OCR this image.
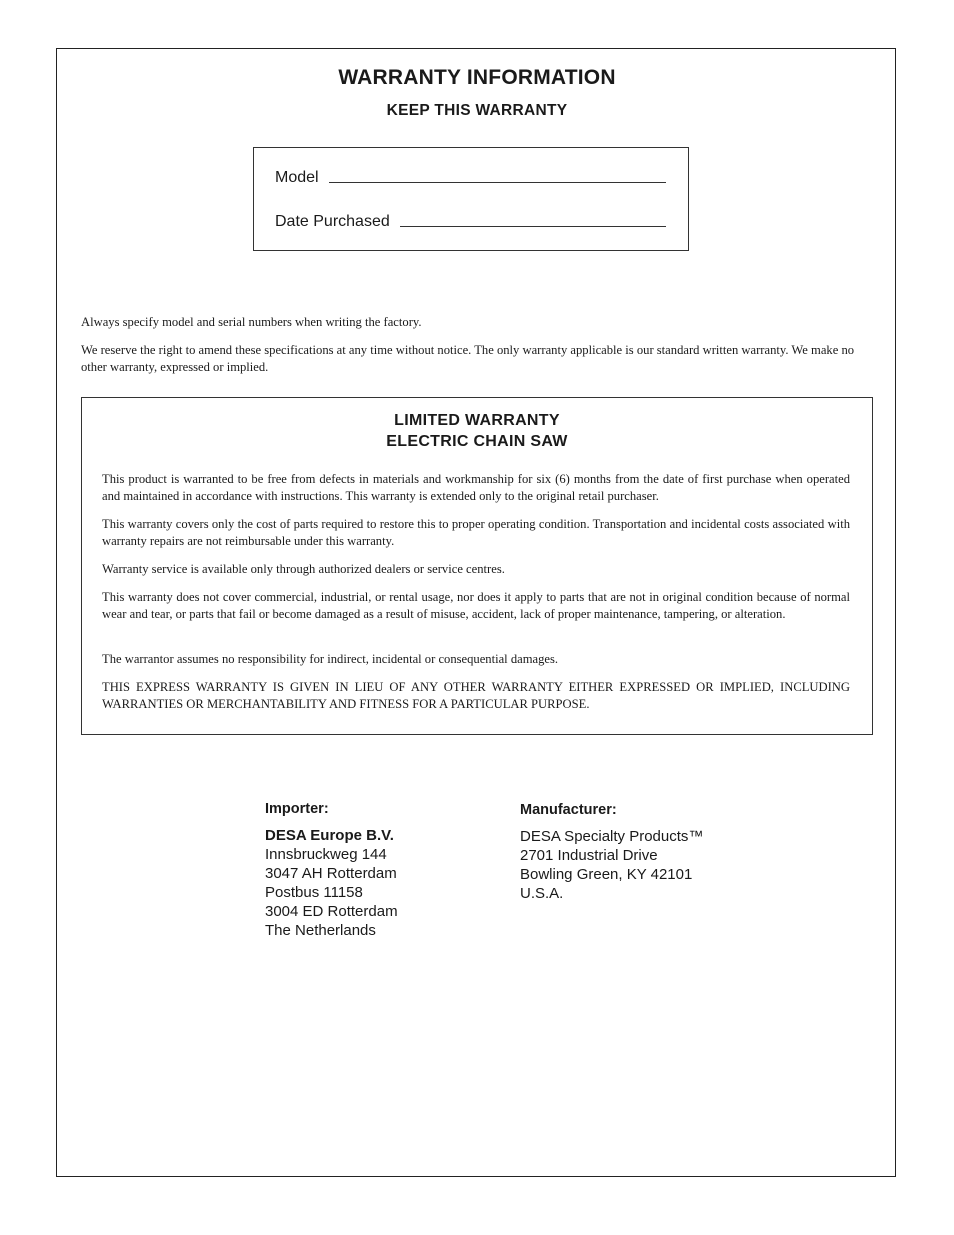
WARRANTY INFORMATION
KEEP THIS WARRANTY
Model
Date Purchased
Always specify model and serial numbers when writing the factory.
We reserve the right to amend these specifications at any time without notice. The only warranty applicable is our standard written warranty. We make no other warranty, expressed or implied.
LIMITED WARRANTY
ELECTRIC CHAIN SAW

This product is warranted to be free from defects in materials and workmanship for six (6) months from the date of first purchase when operated and maintained in accordance with instructions. This warranty is extended only to the original retail purchaser.

This warranty covers only the cost of parts required to restore this to proper operating condition. Transportation and incidental costs associated with warranty repairs are not reimbursable under this warranty.

Warranty service is available only through authorized dealers or service centres.

This warranty does not cover commercial, industrial, or rental usage, nor does it apply to parts that are not in original condition because of normal wear and tear, or parts that fail or become damaged as a result of misuse, accident, lack of proper maintenance, tampering, or alteration.

The warrantor assumes no responsibility for indirect, incidental or consequential damages.

THIS EXPRESS WARRANTY IS GIVEN IN LIEU OF ANY OTHER WARRANTY EITHER EXPRESSED OR IMPLIED, INCLUDING WARRANTIES OR MERCHANTABILITY AND FITNESS FOR A PARTICULAR PURPOSE.

Importer:
DESA Europe B.V.
Innsbruckweg 144
3047 AH Rotterdam
Postbus 11158
3004 ED Rotterdam
The Netherlands
Manufacturer:
DESA Specialty Products™
2701 Industrial Drive
Bowling Green, KY 42101
U.S.A.
